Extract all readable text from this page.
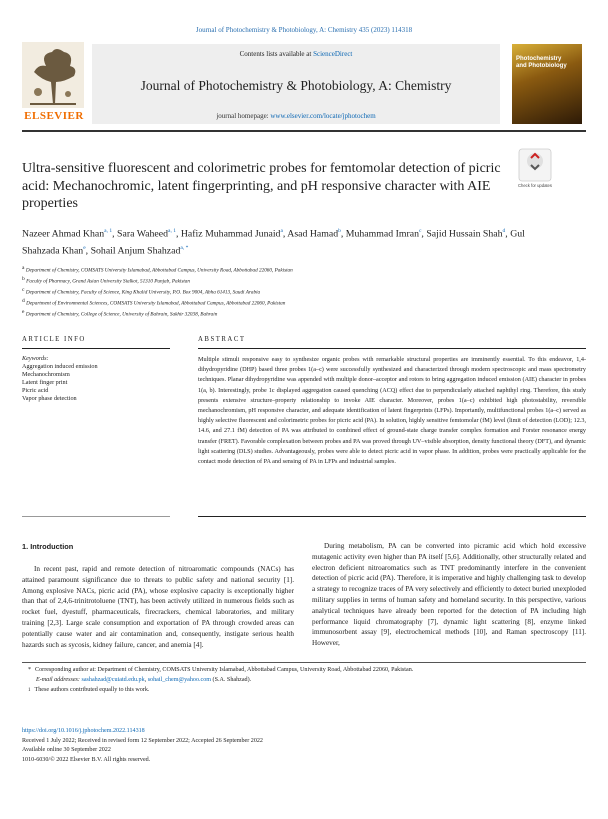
Journal of Photochemistry & Photobiology, A: Chemistry 435 (2023) 114318
ELSEVIER
Contents lists available at ScienceDirect
Journal of Photochemistry & Photobiology, A: Chemistry
journal homepage: www.elsevier.com/locate/jphotochem
Photochemistry and Photobiology
Ultra-sensitive fluorescent and colorimetric probes for femtomolar detection of picric acid: Mechanochromic, latent fingerprinting, and pH responsive character with AIE properties
Check for updates
Nazeer Ahmad Khan$^{a, 1}$, Sara Waheed$^{a, 1}$, Hafiz Muhammad Junaid$^a$, Asad Hamad$^b$, Muhammad Imran$^c$, Sajid Hussain Shah$^d$, Gul Shahzada Khan$^e$, Sohail Anjum Shahzad$^{a, *}$
$^a$ Department of Chemistry, COMSATS University Islamabad, Abbottabad Campus, University Road, Abbottabad 22060, Pakistan
$^b$ Faculty of Pharmacy, Grand Asian University Sialkot, 51310 Punjab, Pakistan
$^c$ Department of Chemistry, Faculty of Science, King Khalid University, P.O. Box 9004, Abha 61413, Saudi Arabia
$^d$ Department of Environmental Sciences, COMSATS University Islamabad, Abbottabad Campus, Abbottabad 22060, Pakistan
$^e$ Department of Chemistry, College of Science, University of Bahrain, Sakhir 32038, Bahrain
ARTICLE INFO	ABSTRACT
Keywords:
Aggregation induced emission
Mechanochromism
Latent finger print
Picric acid
Vapor phase detection
Multiple stimuli responsive easy to synthesize organic probes with remarkable structural properties are imminently essential. To this endeavor, 1,4-dihydropyridine (DHP) based three probes 1(a–c) were successfully synthesized and characterized through modern spectroscopic and mass spectrometry techniques. Planar dihydropyridine was appended with multiple donor–acceptor and rotors to bring aggregation induced emission (AIE) character in probes 1(a, b). Interestingly, probe 1c displayed aggregation caused quenching (ACQ) effect due to perpendicularly attached naphthyl ring. Therefore, this study presents extensive structure–property relationship to invoke AIE character. Moreover, probes 1(a–c) exhibited high photostability, reversible mechanochromism, pH responsive character, and adequate identification of latent fingerprints (LFPs). Importantly, multifunctional probes 1(a–c) served as highly selective fluorescent and colorimetric probes for picric acid (PA). In solution, highly sensitive femtomolar (fM) level (limit of detection (LOD); 12.3, 14.6, and 27.1 fM) detection of PA was attributed to combined effect of ground-state charge transfer complex formation and Forster resonance energy transfer (FRET). Favorable complexation between probes and PA was proved through UV–visible absorption, density functional theory (DFT), and dynamic light scattering (DLS) studies. Advantageously, probes were able to detect picric acid in vapor phase. In addition, probes were practically applicable for the contact mode detection of PA and sensing of PA in LFPs and industrial samples.
1. Introduction
In recent past, rapid and remote detection of nitroaromatic compounds (NACs) has attained paramount significance due to threats to public safety and national security [1]. Among explosive NACs, picric acid (PA), whose explosive capacity is exceptionally higher than that of 2,4,6-trinitrotoluene (TNT), has been actively utilized in numerous fields such as rocket fuel, dyestuff, pharmaceuticals, firecrackers, chemical laboratories, and military training [2,3]. Large scale consumption and exportation of PA through crowded areas can potentially cause water and air contamination and, consequently, instigate serious health hazards such as sycosis, kidney failure, cancer, and anemia [4].
During metabolism, PA can be converted into picramic acid which hold excessive mutagenic activity even higher than PA itself [5,6]. Additionally, other structurally related and electron deficient nitroaromatics such as TNT predominantly interfere in the convenient detection of picric acid (PA). Therefore, it is imperative and highly challenging task to develop a strategy to recognize traces of PA very selectively and efficiently to detect buried unexploded military supplies in terms of human safety and homeland security. In this perspective, various analytical techniques have already been reported for the detection of PA including high performance liquid chromatography [7], dynamic light scattering [8], enzyme linked immunosorbent assay [9], electrochemical methods [10], and Raman spectroscopy [11]. However,
* Corresponding author at: Department of Chemistry, COMSATS University Islamabad, Abbottabad Campus, University Road, Abbottabad 22060, Pakistan.
E-mail addresses: sashahzad@cuiatd.edu.pk, sohail_chem@yahoo.com (S.A. Shahzad).
$^1$ These authors contributed equally to this work.
https://doi.org/10.1016/j.jphotochem.2022.114318
Received 1 July 2022; Received in revised form 12 September 2022; Accepted 26 September 2022
Available online 30 September 2022
1010-6030/© 2022 Elsevier B.V. All rights reserved.
